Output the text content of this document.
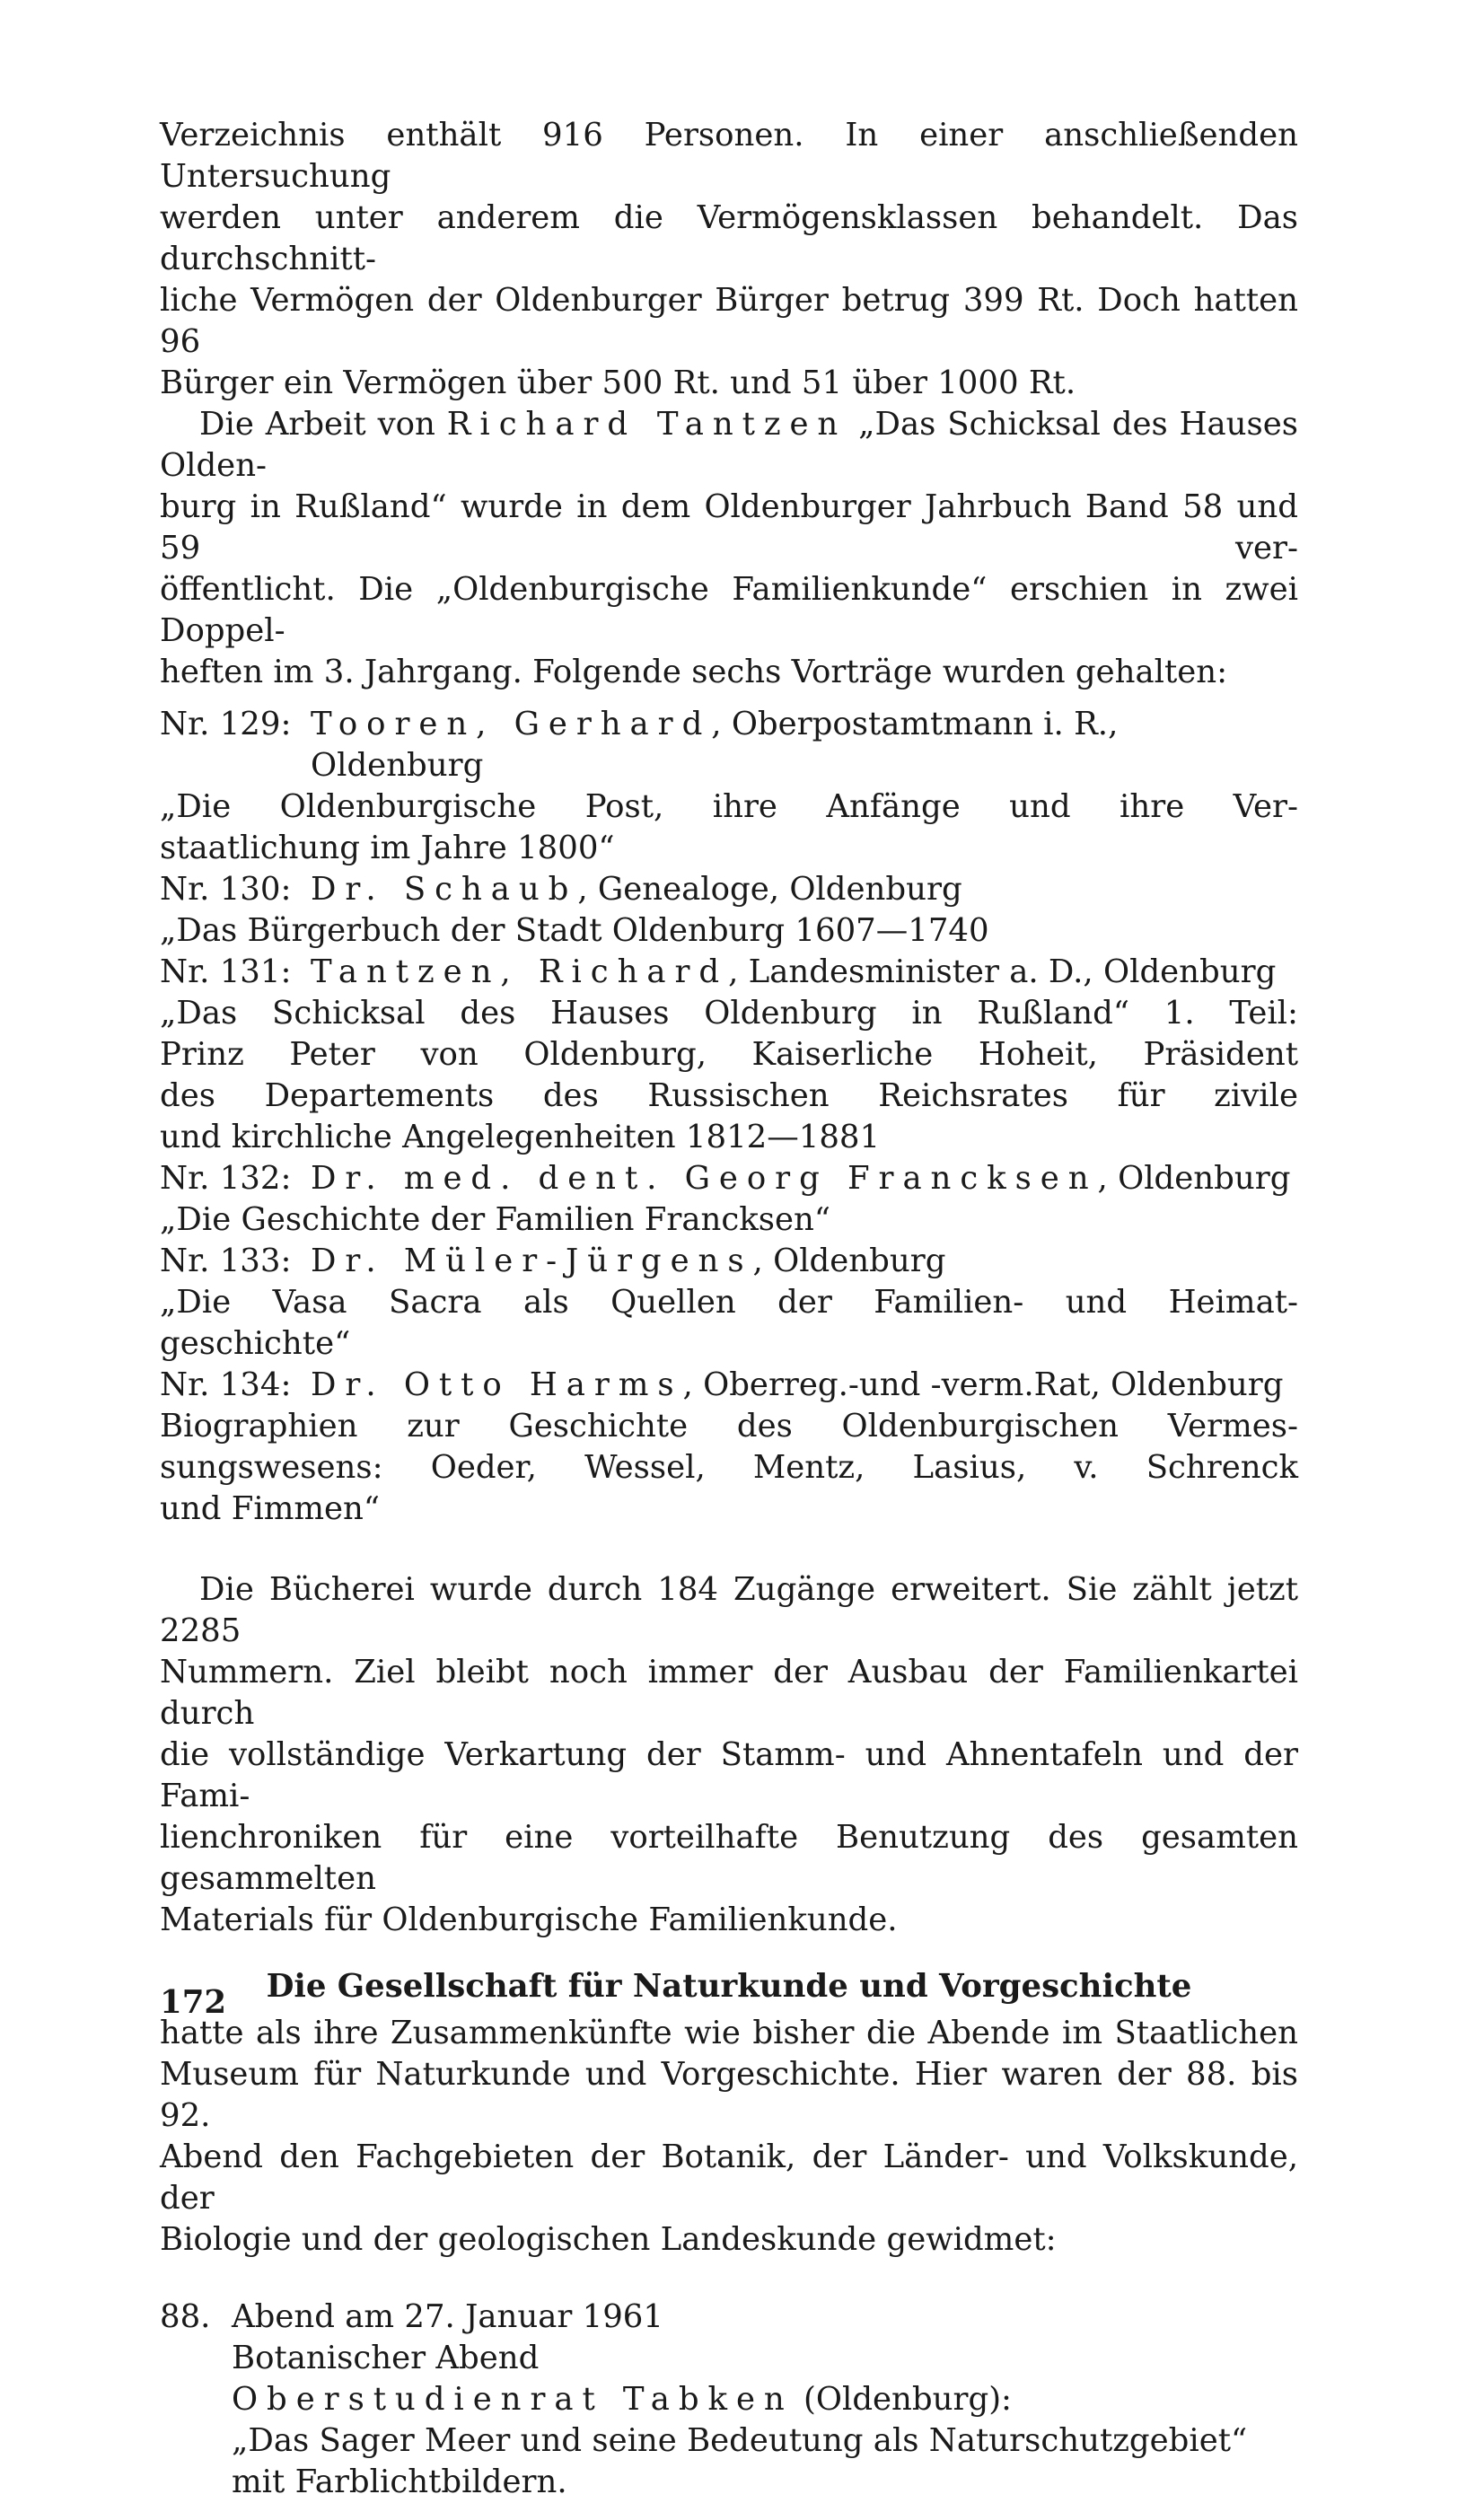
Verzeichnis enthält 916 Personen. In einer anschließenden Untersuchung

werden unter anderem die Vermögensklassen behandelt. Das durchschnitt-

liche Vermögen der Oldenburger Bürger betrug 399 Rt. Doch hatten 96

Bürger ein Vermögen über 500 Rt. und 51 über 1000 Rt.

Die Arbeit von Richard Tantzen „Das Schicksal des Hauses Olden-

burg in Rußland“ wurde in dem Oldenburger Jahrbuch Band 58 und 59 ver-

öffentlicht. Die „Oldenburgische Familienkunde“ erschien in zwei Doppel-

heften im 3. Jahrgang. Folgende sechs Vorträge wurden gehalten:

Nr. 129: Tooren, Gerhard, Oberpostamtmann i. R., Oldenburg

„Die Oldenburgische Post, ihre Anfänge und ihre Ver-

staatlichung im Jahre 1800“

Nr. 130: Dr. Schaub, Genealoge, Oldenburg

„Das Bürgerbuch der Stadt Oldenburg 1607—1740

Nr. 131: Tantzen, Richard, Landesminister a. D., Oldenburg

„Das Schicksal des Hauses Oldenburg in Rußland“ 1. Teil:

Prinz Peter von Oldenburg, Kaiserliche Hoheit, Präsident

des Departements des Russischen Reichsrates für zivile

und kirchliche Angelegenheiten 1812—1881

Nr. 132: Dr. med. dent. Georg Francksen, Oldenburg

„Die Geschichte der Familien Francksen“

Nr. 133: Dr. Müler-Jürgens, Oldenburg

„Die Vasa Sacra als Quellen der Familien- und Heimat-

geschichte“

Nr. 134: Dr. Otto Harms, Oberreg.-und -verm.Rat, Oldenburg

Biographien zur Geschichte des Oldenburgischen Vermes-

sungswesens: Oeder, Wessel, Mentz, Lasius, v. Schrenck

und Fimmen“

Die Bücherei wurde durch 184 Zugänge erweitert. Sie zählt jetzt 2285

Nummern. Ziel bleibt noch immer der Ausbau der Familienkartei durch

die vollständige Verkartung der Stamm- und Ahnentafeln und der Fami-

lienchroniken für eine vorteilhafte Benutzung des gesamten gesammelten

Materials für Oldenburgische Familienkunde.

Die Gesellschaft für Naturkunde und Vorgeschichte

hatte als ihre Zusammenkünfte wie bisher die Abende im Staatlichen

Museum für Naturkunde und Vorgeschichte. Hier waren der 88. bis 92.

Abend den Fachgebieten der Botanik, der Länder- und Volkskunde, der

Biologie und der geologischen Landeskunde gewidmet:

88. Abend am 27. Januar 1961
Botanischer Abend
Oberstudienrat Tabken (Oldenburg):
„Das Sager Meer und seine Bedeutung als Naturschutzgebiet“
mit Farblichtbildern.
172
